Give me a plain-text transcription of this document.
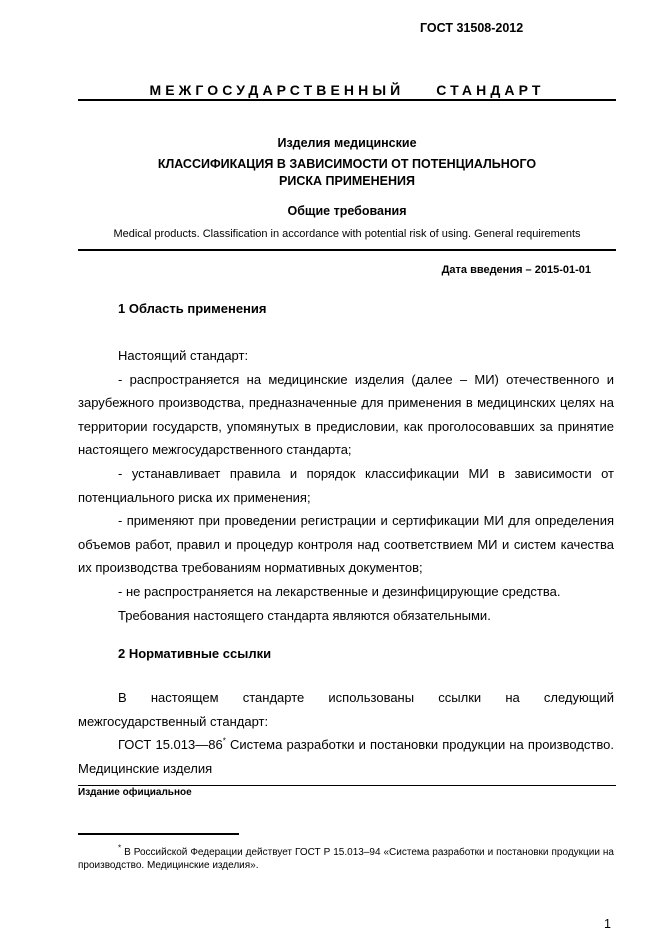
ГОСТ 31508-2012
МЕЖГОСУДАРСТВЕННЫЙ    СТАНДАРТ
Изделия медицинские
КЛАССИФИКАЦИЯ В ЗАВИСИМОСТИ ОТ ПОТЕНЦИАЛЬНОГО
РИСКА ПРИМЕНЕНИЯ
Общие требования
Medical products. Classification in accordance with potential risk of using. General requirements
Дата введения – 2015-01-01
1 Область применения

Настоящий стандарт:

- распространяется на медицинские изделия (далее – МИ) отечественного и зарубежного производства, предназначенные для применения в медицинских целях на территории государств, упомянутых в предисловии, как проголосовавших за принятие настоящего межгосударственного стандарта;

- устанавливает правила и порядок классификации МИ в зависимости от потенциального риска их применения;

- применяют при проведении регистрации и сертификации МИ для определения объемов работ, правил и процедур контроля над соответствием МИ и систем качества их производства требованиям нормативных документов;

- не распространяется на лекарственные и дезинфицирующие средства.

Требования настоящего стандарта являются обязательными.

2 Нормативные ссылки

В настоящем стандарте использованы ссылки на следующий межгосударственный стандарт:

ГОСТ 15.013—86* Система разработки и постановки продукции на производство. Медицинские изделия

Издание официальное

* В Российской Федерации действует ГОСТ Р 15.013–94 «Система разработки и постановки продукции на производство. Медицинские изделия».

1
